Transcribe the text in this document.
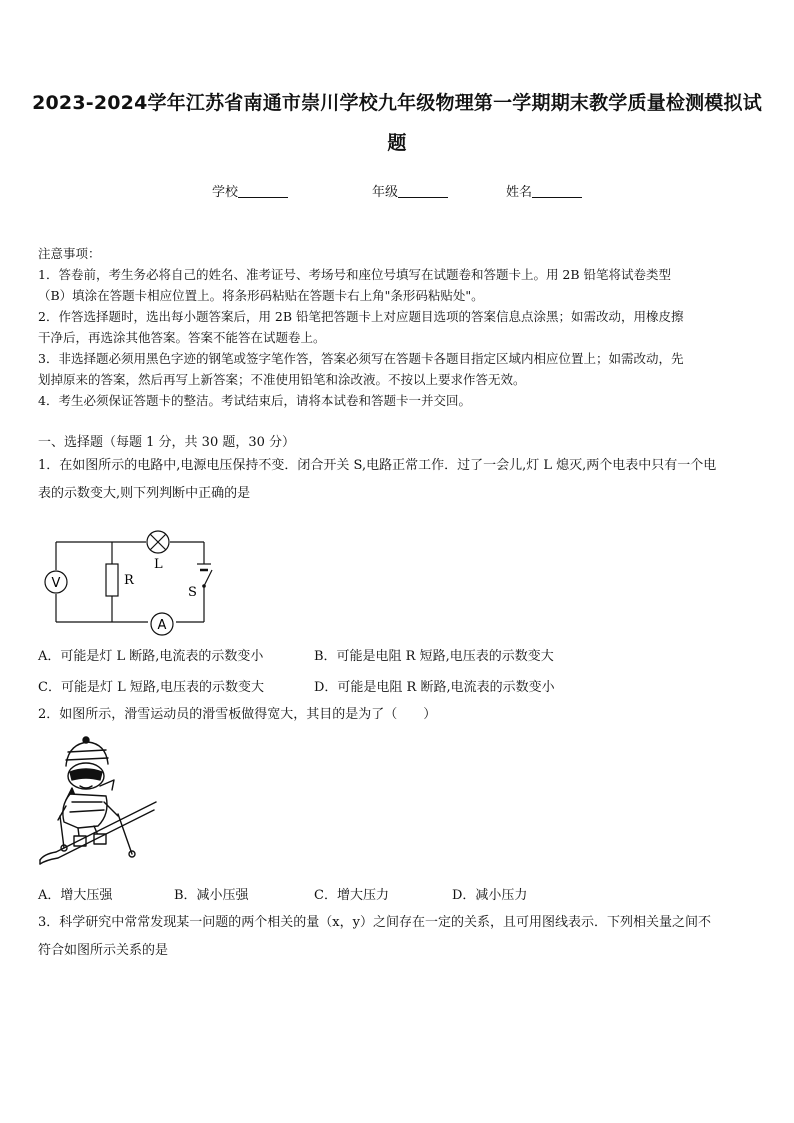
2023-2024学年江苏省南通市崇川学校九年级物理第一学期期末教学质量检测模拟试
题
学校	年级	姓名
注意事项：
1．答卷前，考生务必将自己的姓名、准考证号、考场号和座位号填写在试题卷和答题卡上。用 2B 铅笔将试卷类型
（B）填涂在答题卡相应位置上。将条形码粘贴在答题卡右上角"条形码粘贴处"。
2．作答选择题时，选出每小题答案后，用 2B 铅笔把答题卡上对应题目选项的答案信息点涂黑；如需改动，用橡皮擦
干净后，再选涂其他答案。答案不能答在试题卷上。
3．非选择题必须用黑色字迹的钢笔或签字笔作答，答案必须写在答题卡各题目指定区域内相应位置上；如需改动，先
划掉原来的答案，然后再写上新答案；不准使用铅笔和涂改液。不按以上要求作答无效。
4．考生必须保证答题卡的整洁。考试结束后，请将本试卷和答题卡一并交回。
一、选择题（每题 1 分，共 30 题，30 分）
1．在如图所示的电路中,电源电压保持不变．闭合开关 S,电路正常工作．过了一会儿,灯 L 熄灭,两个电表中只有一个电
表的示数变大,则下列判断中正确的是
V	R
L
S
A
A．可能是灯 L 断路,电流表的示数变小	B．可能是电阻 R 短路,电压表的示数变大
C．可能是灯 L 短路,电压表的示数变大	D．可能是电阻 R 断路,电流表的示数变小
2．如图所示，滑雪运动员的滑雪板做得宽大，其目的是为了（　　）
A．增大压强	B．减小压强	C．增大压力	D．减小压力
3．科学研究中常常发现某一问题的两个相关的量（x，y）之间存在一定的关系，且可用图线表示．下列相关量之间不
符合如图所示关系的是
